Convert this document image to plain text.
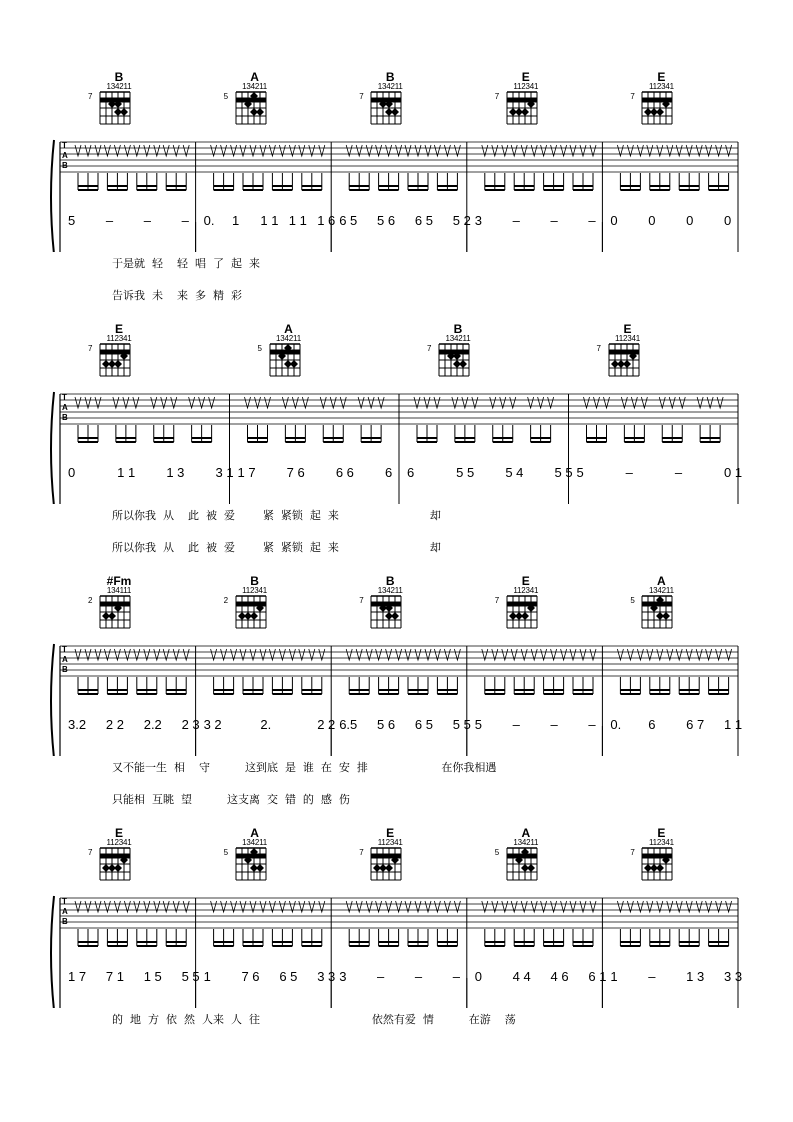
B
134211
7
A
134211
5
B
134211
7
E
112341
7
E
112341
7
T
A
B
5	–	–	–	0.	1	1 1 1 1 1 6 6 5	5 6	6 5	5 2 3	–	–	–	0	0	0	0
于是就  轻    轻  唱  了  起  来
告诉我  未    来  多  精  彩
E
112341
7
A
134211
5
B
134211
7
E
112341
7
T
A
B
0	1 1	1 3	3 1 1 7	7 6	6 6	6	6	5 5	5 4	5 5 5	–	–	0 1
所以你我  从    此  被  爱        紧  紧锁  起  来                          却
所以你我  从    此  被  爱        紧  紧锁  起  来                          却
#Fm
134111
2
B
112341
2
B
134211
7
E
112341
7
A
134211
5
T
A
B
3.2	2 2	2.2	2 3 3 2	2.	2 2 6.5	5 6	6 5	5 5 5	–	–	–	0.	6	6 7	1 1
又不能一生  相    守          这到底  是  谁  在  安  排                     在你我相遇
只能相  互眺  望          这支离  交  错  的  感  伤
E
112341
7
A
134211
5
E
112341
7
A
134211
5
E
112341
7
T
A
B
1 7	7 1	1 5	5 5 1	7 6	6 5	3 3 3	–	–	–	0	4 4	4 6	6 1 1	–	1 3	3 3
的  地  方  依  然  人来  人  往                                依然有爱  情          在游    荡
